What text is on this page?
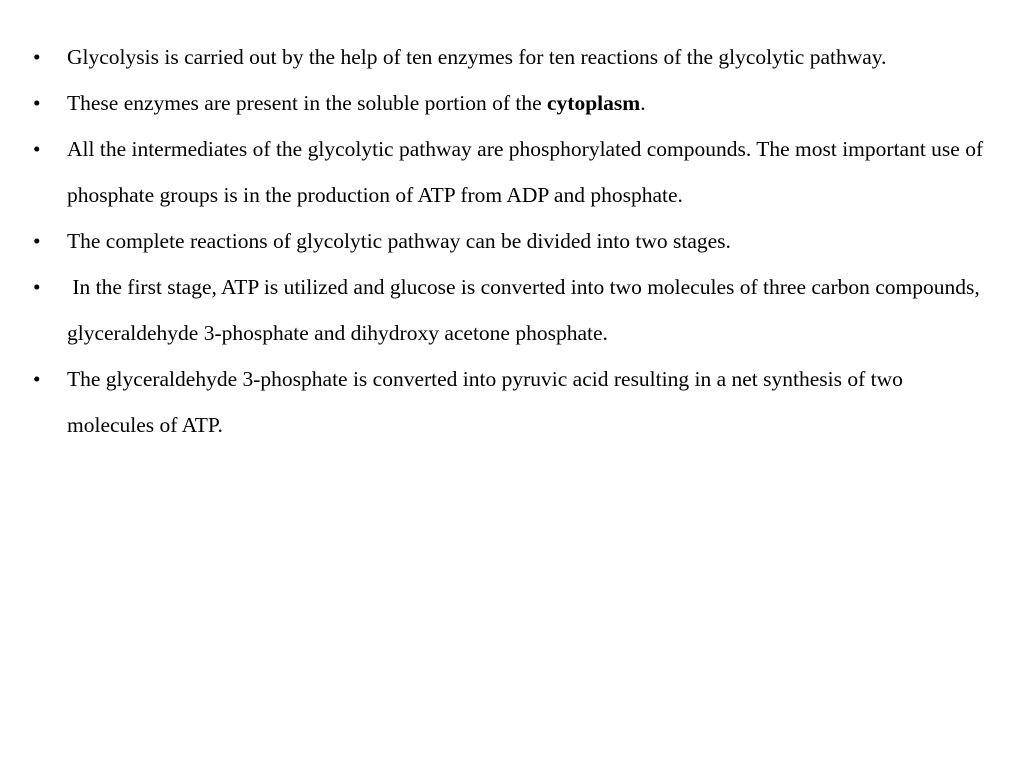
•	Glycolysis is carried out by the help of ten enzymes for ten reactions of the glycolytic pathway.
•	These enzymes are present in the soluble portion of the cytoplasm.
•	All the intermediates of the glycolytic pathway are phosphorylated compounds. The most important use of phosphate groups is in the production of ATP from ADP and phosphate.
•	The complete reactions of glycolytic pathway can be divided into two stages.
•	In the first stage, ATP is utilized and glucose is converted into two molecules of three carbon compounds, glyceraldehyde 3-phosphate and dihydroxy acetone phosphate.
•	The glyceraldehyde 3-phosphate is converted into pyruvic acid resulting in a net synthesis of two molecules of ATP.
